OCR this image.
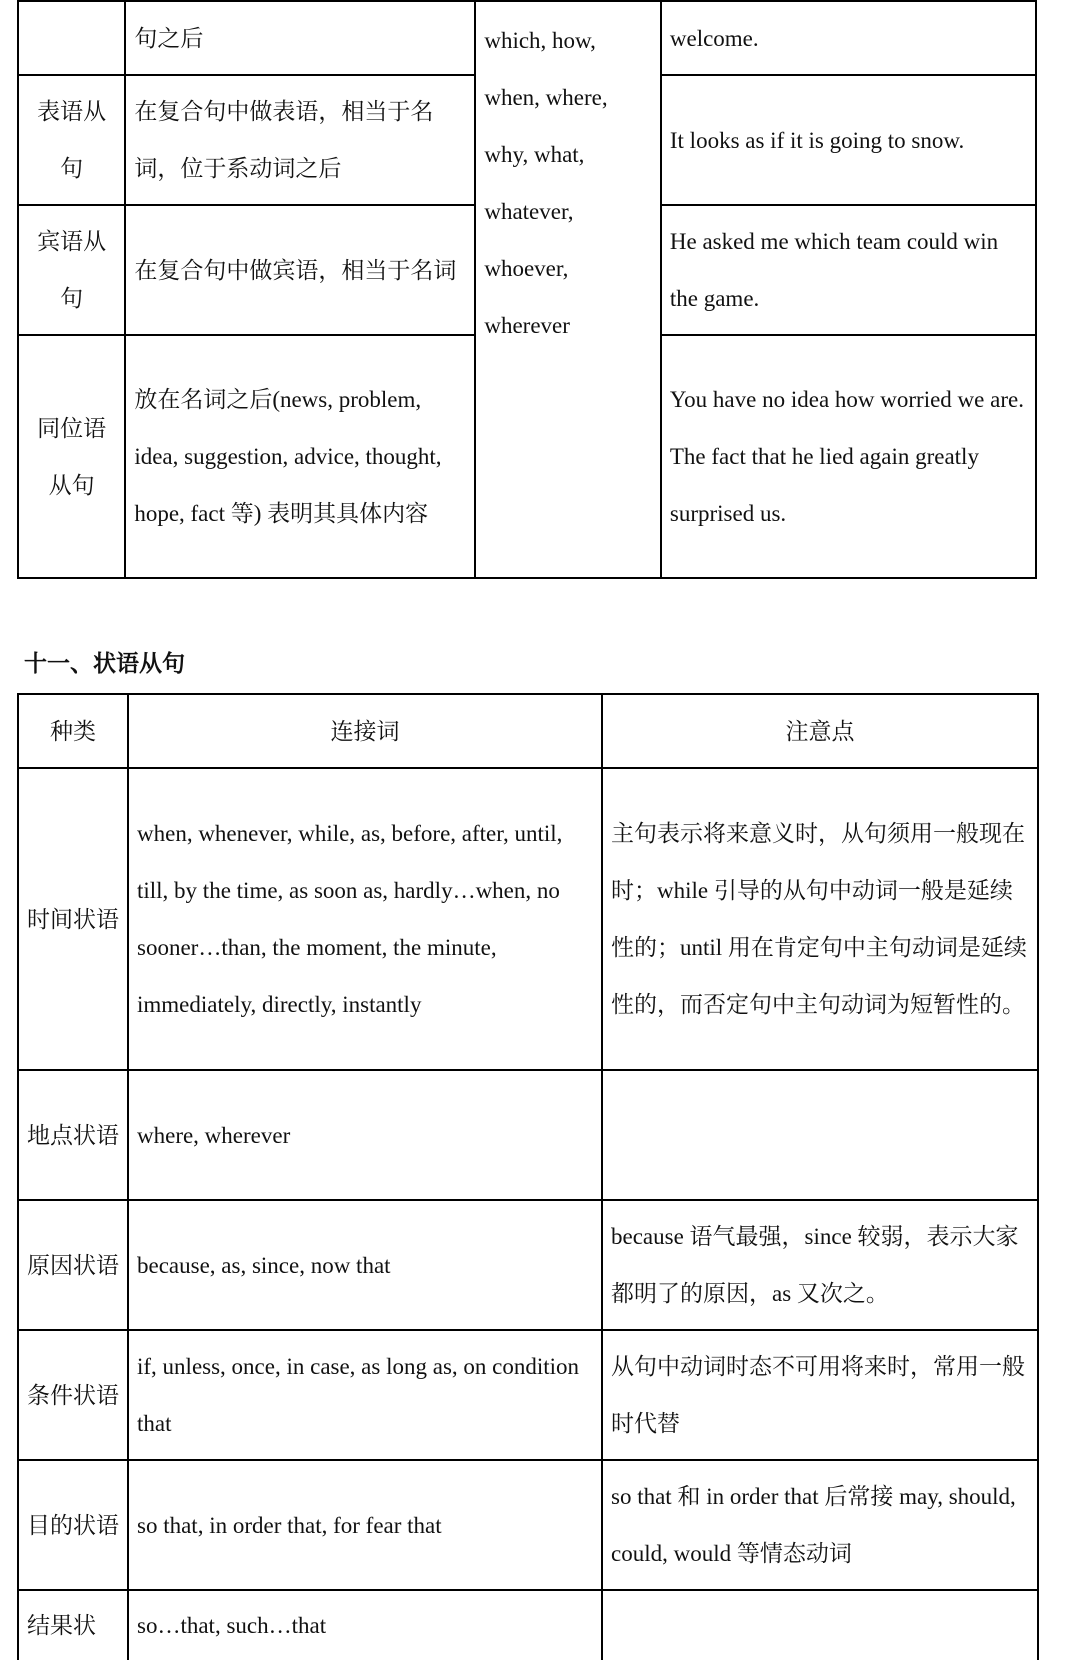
	句之后	which, how, when, where, why, what, whatever, whoever, wherever	welcome.
表语从句	在复合句中做表语，相当于名词，位于系动词之后		It looks as if it is going to snow.
宾语从句	在复合句中做宾语，相当于名词		He asked me which team could win the game.
同位语从句	放在名词之后(news, problem, idea, suggestion, advice, thought, hope, fact 等) 表明其具体内容		You have no idea how worried we are.
The fact that he lied again greatly surprised us.
十一、状语从句
种类	连接词	注意点
时间状语	when, whenever, while, as, before, after, until, till, by the time, as soon as, hardly…when, no sooner…than, the moment, the minute, immediately, directly, instantly	主句表示将来意义时，从句须用一般现在时；while 引导的从句中动词一般是延续性的；until 用在肯定句中主句动词是延续性的，而否定句中主句动词为短暂性的。
地点状语	where, wherever	
原因状语	because, as, since, now that	because 语气最强，since 较弱，表示大家都明了的原因，as 又次之。
条件状语	if, unless, once, in case, as long as, on condition that	从句中动词时态不可用将来时，常用一般时代替
目的状语	so that, in order that, for fear that	so that 和 in order that 后常接 may, should, could, would 等情态动词
结果状	so…that, such…that	
